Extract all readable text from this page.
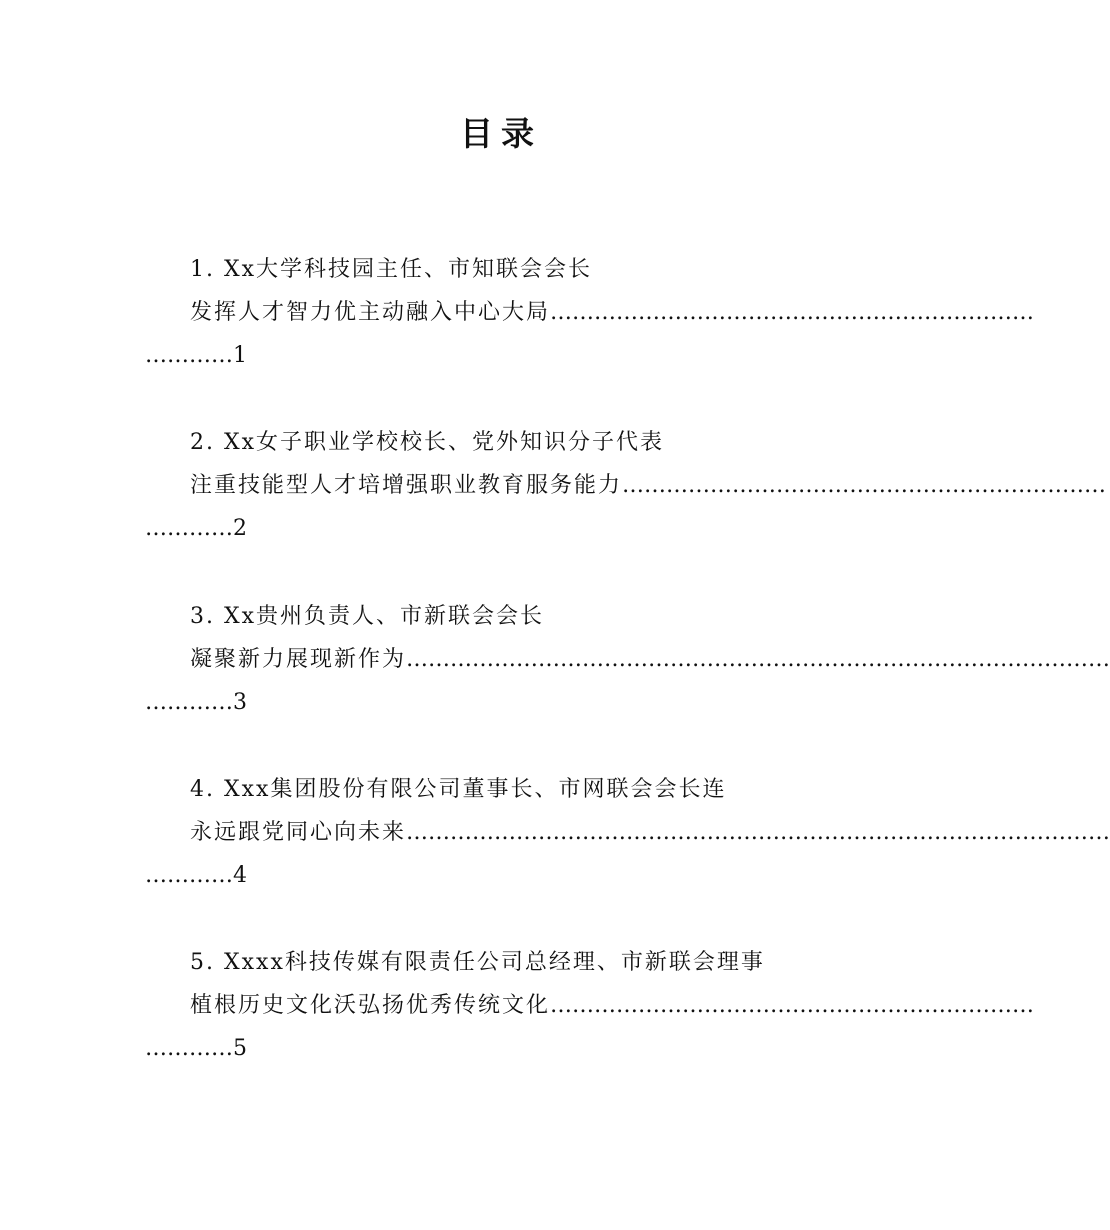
目录
1. Xx大学科技园主任、市知联会会长
发挥人才智力优主动融入中心大局…………………………………………………………
…………1
2. Xx女子职业学校校长、党外知识分子代表
注重技能型人才培增强职业教育服务能力…………………………………………………………
…………2
3. Xx贵州负责人、市新联会会长
凝聚新力展现新作为……………………………………………………………………………………
…………3
4. Xxx集团股份有限公司董事长、市网联会会长连
永远跟党同心向未来……………………………………………………………………………………
…………4
5. Xxxx科技传媒有限责任公司总经理、市新联会理事
植根历史文化沃弘扬优秀传统文化…………………………………………………………
…………5
